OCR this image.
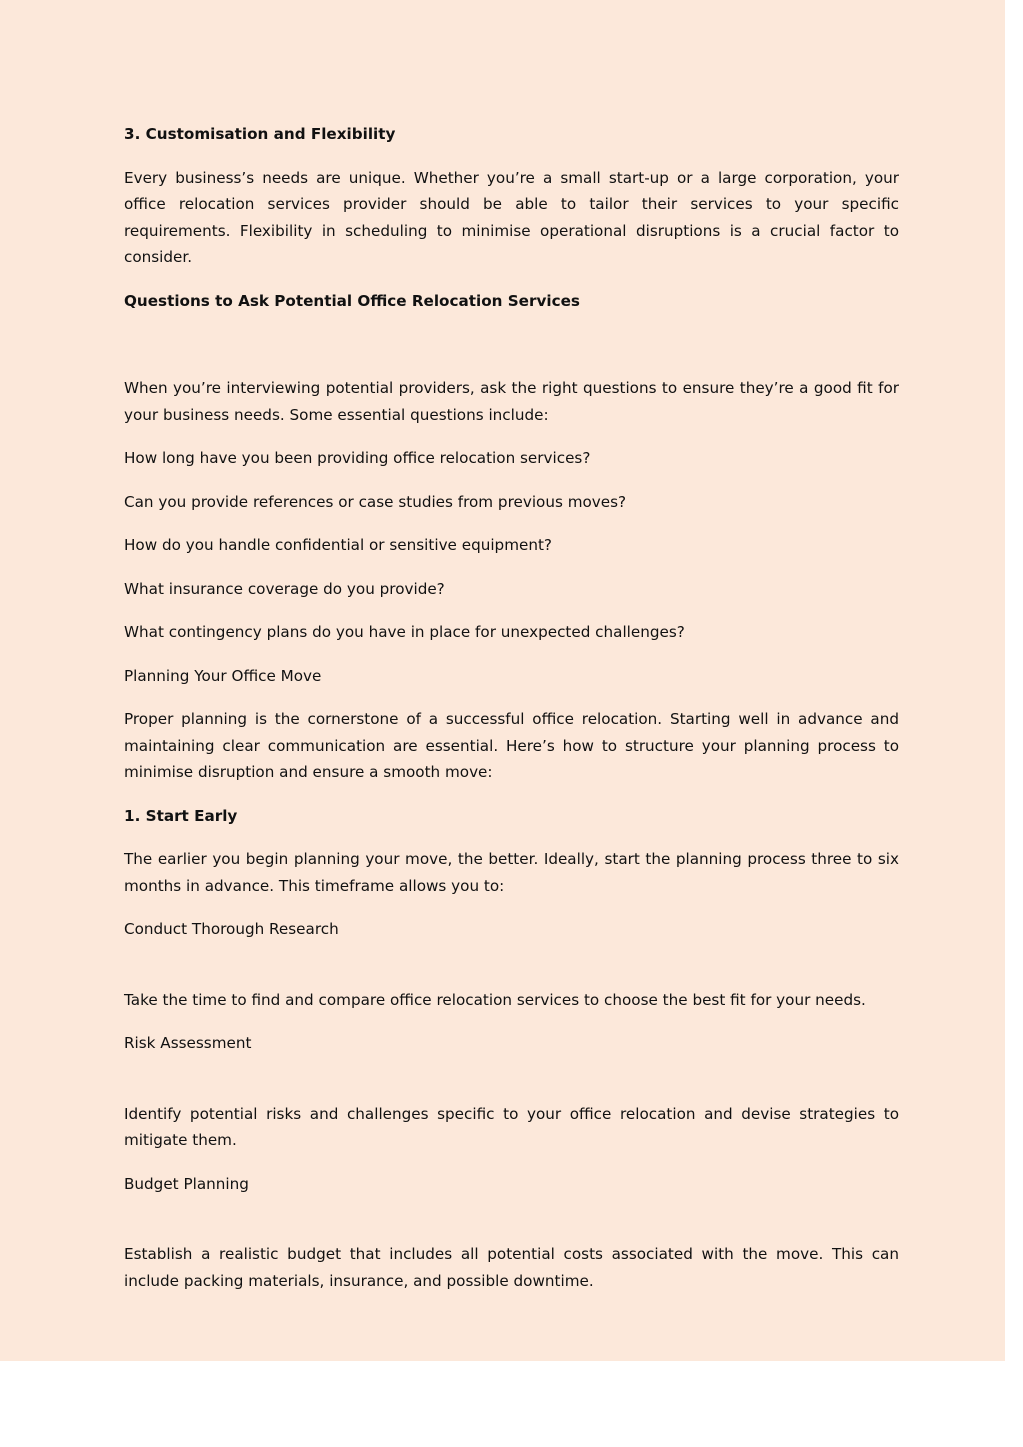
3. Customisation and Flexibility

Every business’s needs are unique. Whether you’re a small start-up or a large corporation, your office relocation services provider should be able to tailor their services to your specific requirements. Flexibility in scheduling to minimise operational disruptions is a crucial factor to consider.

Questions to Ask Potential Office Relocation Services

When you’re interviewing potential providers, ask the right questions to ensure they’re a good fit for your business needs. Some essential questions include:

How long have you been providing office relocation services?

Can you provide references or case studies from previous moves?

How do you handle confidential or sensitive equipment?

What insurance coverage do you provide?

What contingency plans do you have in place for unexpected challenges?

Planning Your Office Move

Proper planning is the cornerstone of a successful office relocation. Starting well in advance and maintaining clear communication are essential. Here’s how to structure your planning process to minimise disruption and ensure a smooth move:

1. Start Early

The earlier you begin planning your move, the better. Ideally, start the planning process three to six months in advance. This timeframe allows you to:

Conduct Thorough Research

Take the time to find and compare office relocation services to choose the best fit for your needs.

Risk Assessment

Identify potential risks and challenges specific to your office relocation and devise strategies to mitigate them.

Budget Planning

Establish a realistic budget that includes all potential costs associated with the move. This can include packing materials, insurance, and possible downtime.
